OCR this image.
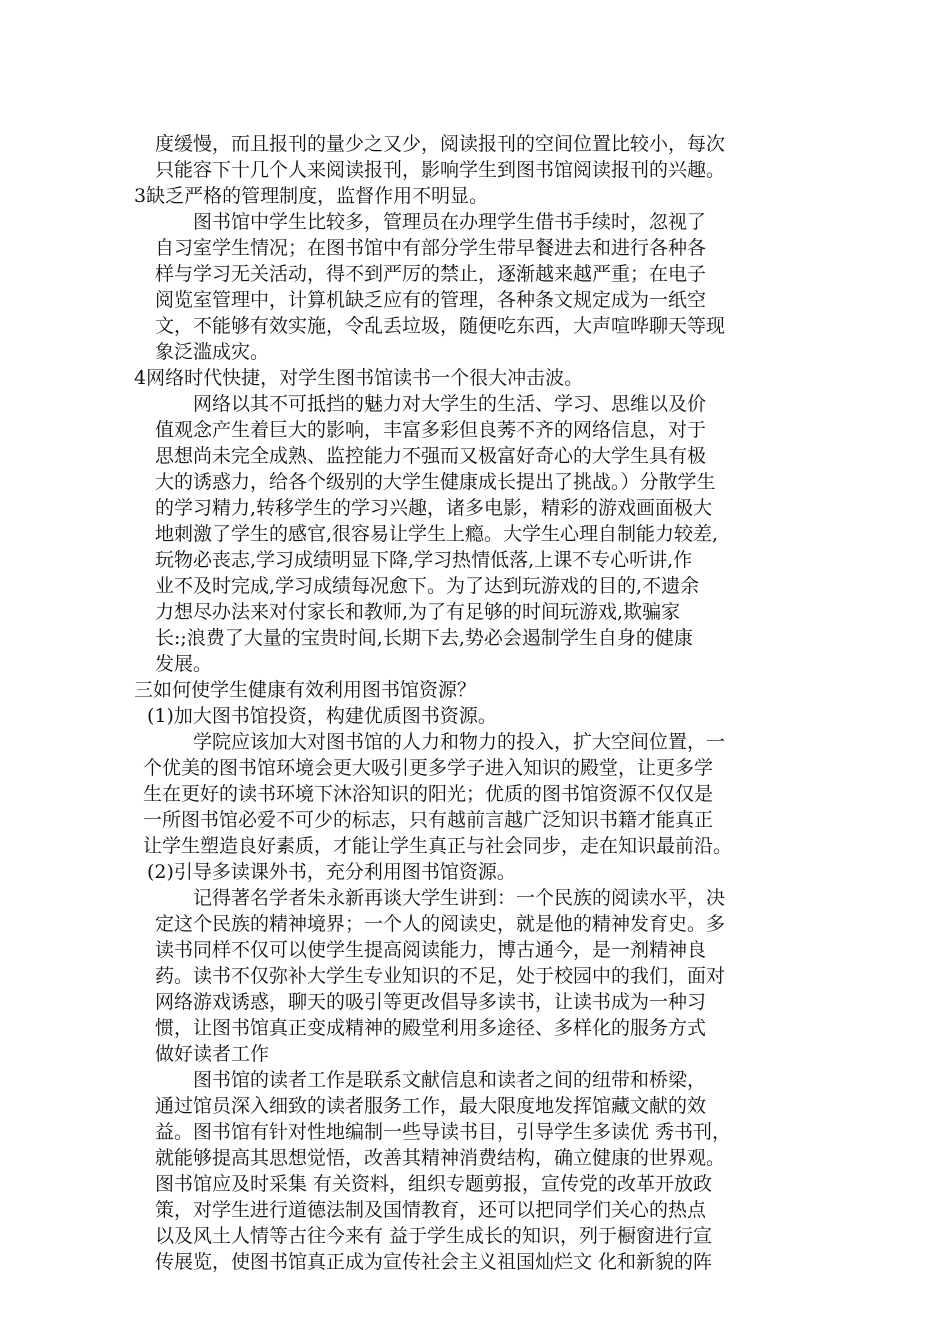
度缓慢，而且报刊的量少之又少，阅读报刊的空间位置比较小，每次

只能容下十几个人来阅读报刊，影响学生到图书馆阅读报刊的兴趣。

3缺乏严格的管理制度，监督作用不明显。

图书馆中学生比较多，管理员在办理学生借书手续时，忽视了

自习室学生情况；在图书馆中有部分学生带早餐进去和进行各种各

样与学习无关活动，得不到严厉的禁止，逐渐越来越严重；在电子

阅览室管理中，计算机缺乏应有的管理，各种条文规定成为一纸空

文，不能够有效实施，令乱丢垃圾，随便吃东西，大声喧哗聊天等现

象泛滥成灾。

4网络时代快捷，对学生图书馆读书一个很大冲击波。

网络以其不可抵挡的魅力对大学生的生活、学习、思维以及价

值观念产生着巨大的影响，丰富多彩但良莠不齐的网络信息，对于

思想尚未完全成熟、监控能力不强而又极富好奇心的大学生具有极

大的诱惑力，给各个级别的大学生健康成长提出了挑战。）分散学生

的学习精力,转移学生的学习兴趣，诸多电影，精彩的游戏画面极大

地刺激了学生的感官,很容易让学生上瘾。大学生心理自制能力较差,

玩物必丧志,学习成绩明显下降,学习热情低落,上课不专心听讲,作

业不及时完成,学习成绩每况愈下。为了达到玩游戏的目的,不遗余

力想尽办法来对付家长和教师,为了有足够的时间玩游戏,欺骗家

长:;浪费了大量的宝贵时间,长期下去,势必会遏制学生自身的健康

发展。

三如何使学生健康有效利用图书馆资源？

(1)加大图书馆投资，构建优质图书资源。

学院应该加大对图书馆的人力和物力的投入，扩大空间位置，一

个优美的图书馆环境会更大吸引更多学子进入知识的殿堂，让更多学

生在更好的读书环境下沐浴知识的阳光；优质的图书馆资源不仅仅是

一所图书馆必爱不可少的标志，只有越前言越广泛知识书籍才能真正

让学生塑造良好素质，才能让学生真正与社会同步，走在知识最前沿。

(2)引导多读课外书，充分利用图书馆资源。

记得著名学者朱永新再谈大学生讲到：一个民族的阅读水平，决

定这个民族的精神境界；一个人的阅读史，就是他的精神发育史。多

读书同样不仅可以使学生提高阅读能力，博古通今，是一剂精神良

药。读书不仅弥补大学生专业知识的不足，处于校园中的我们，面对

网络游戏诱惑，聊天的吸引等更改倡导多读书，让读书成为一种习

惯，让图书馆真正变成精神的殿堂利用多途径、多样化的服务方式

做好读者工作

图书馆的读者工作是联系文献信息和读者之间的纽带和桥梁，

通过馆员深入细致的读者服务工作，最大限度地发挥馆藏文献的效

益。图书馆有针对性地编制一些导读书目，引导学生多读优 秀书刊，

就能够提高其思想觉悟，改善其精神消费结构，确立健康的世界观。

图书馆应及时采集 有关资料，组织专题剪报，宣传党的改革开放政

策，对学生进行道德法制及国情教育，还可以把同学们关心的热点

以及风土人情等古往今来有 益于学生成长的知识，列于橱窗进行宣

传展览，使图书馆真正成为宣传社会主义祖国灿烂文 化和新貌的阵
